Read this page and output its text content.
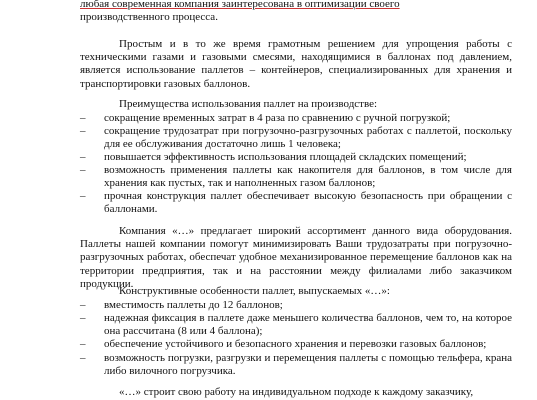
любая современная компания заинтересована в оптимизации своего

производственного процесса.

Простым и в то же время грамотным решением для упрощения работы с техническими газами и газовыми смесями, находящимися в баллонах под давлением, является использование паллетов – контейнеров, специализированных для хранения и транспортировки газовых баллонов.

Преимущества использования паллет на производстве:

– сокращение временных затрат в 4 раза по сравнению с ручной погрузкой;
– сокращение трудозатрат при погрузочно-разгрузочных работах с паллетой, поскольку для ее обслуживания достаточно лишь 1 человека;
– повышается эффективность использования площадей складских помещений;
– возможность применения паллеты как накопителя для баллонов, в том числе для хранения как пустых, так и наполненных газом баллонов;
– прочная конструкция паллет обеспечивает высокую безопасность при обращении с баллонами.

Компания «…» предлагает широкий ассортимент данного вида оборудования. Паллеты нашей компании помогут минимизировать Ваши трудозатраты при погрузочно-разгрузочных работах, обеспечат удобное механизированное перемещение баллонов как на территории предприятия, так и на расстоянии между филиалами либо заказчиком продукции.

Конструктивные особенности паллет, выпускаемых «…»:

– вместимость паллеты до 12 баллонов;
– надежная фиксация в паллете даже меньшего количества баллонов, чем то, на которое она рассчитана (8 или 4 баллона);
– обеспечение устойчивого и безопасного хранения и перевозки газовых баллонов;
– возможность погрузки, разгрузки и перемещения паллеты с помощью тельфера, крана либо вилочного погрузчика.

«…» строит свою работу на индивидуальном подходе к каждому заказчику,
